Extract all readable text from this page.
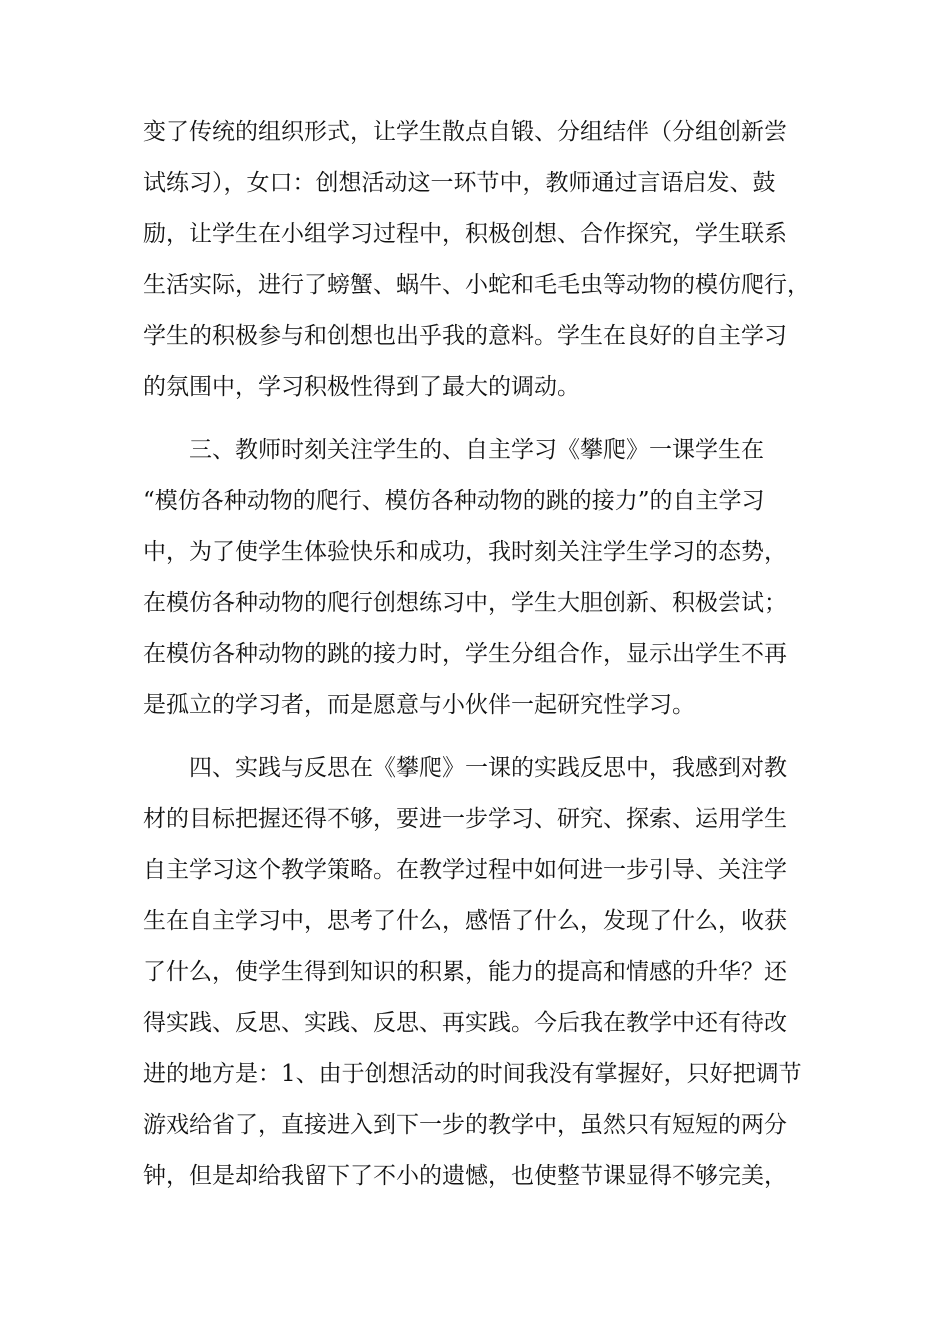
变了传统的组织形式，让学生散点自锻、分组结伴（分组创新尝
试练习），女口：创想活动这一环节中，教师通过言语启发、鼓
励，让学生在小组学习过程中，积极创想、合作探究，学生联系
生活实际，进行了螃蟹、蜗牛、小蛇和毛毛虫等动物的模仿爬行，
学生的积极参与和创想也出乎我的意料。学生在良好的自主学习
的氛围中，学习积极性得到了最大的调动。
三、教师时刻关注学生的、自主学习《攀爬》一课学生在
“模仿各种动物的爬行、模仿各种动物的跳的接力”的自主学习
中，为了使学生体验快乐和成功，我时刻关注学生学习的态势，
在模仿各种动物的爬行创想练习中，学生大胆创新、积极尝试；
在模仿各种动物的跳的接力时，学生分组合作，显示出学生不再
是孤立的学习者，而是愿意与小伙伴一起研究性学习。
四、实践与反思在《攀爬》一课的实践反思中，我感到对教
材的目标把握还得不够，要进一步学习、研究、探索、运用学生
自主学习这个教学策略。在教学过程中如何进一步引导、关注学
生在自主学习中，思考了什么，感悟了什么，发现了什么，收获
了什么，使学生得到知识的积累，能力的提高和情感的升华？还
得实践、反思、实践、反思、再实践。今后我在教学中还有待改
进的地方是：1、由于创想活动的时间我没有掌握好，只好把调节
游戏给省了，直接进入到下一步的教学中，虽然只有短短的两分
钟，但是却给我留下了不小的遗憾，也使整节课显得不够完美，
